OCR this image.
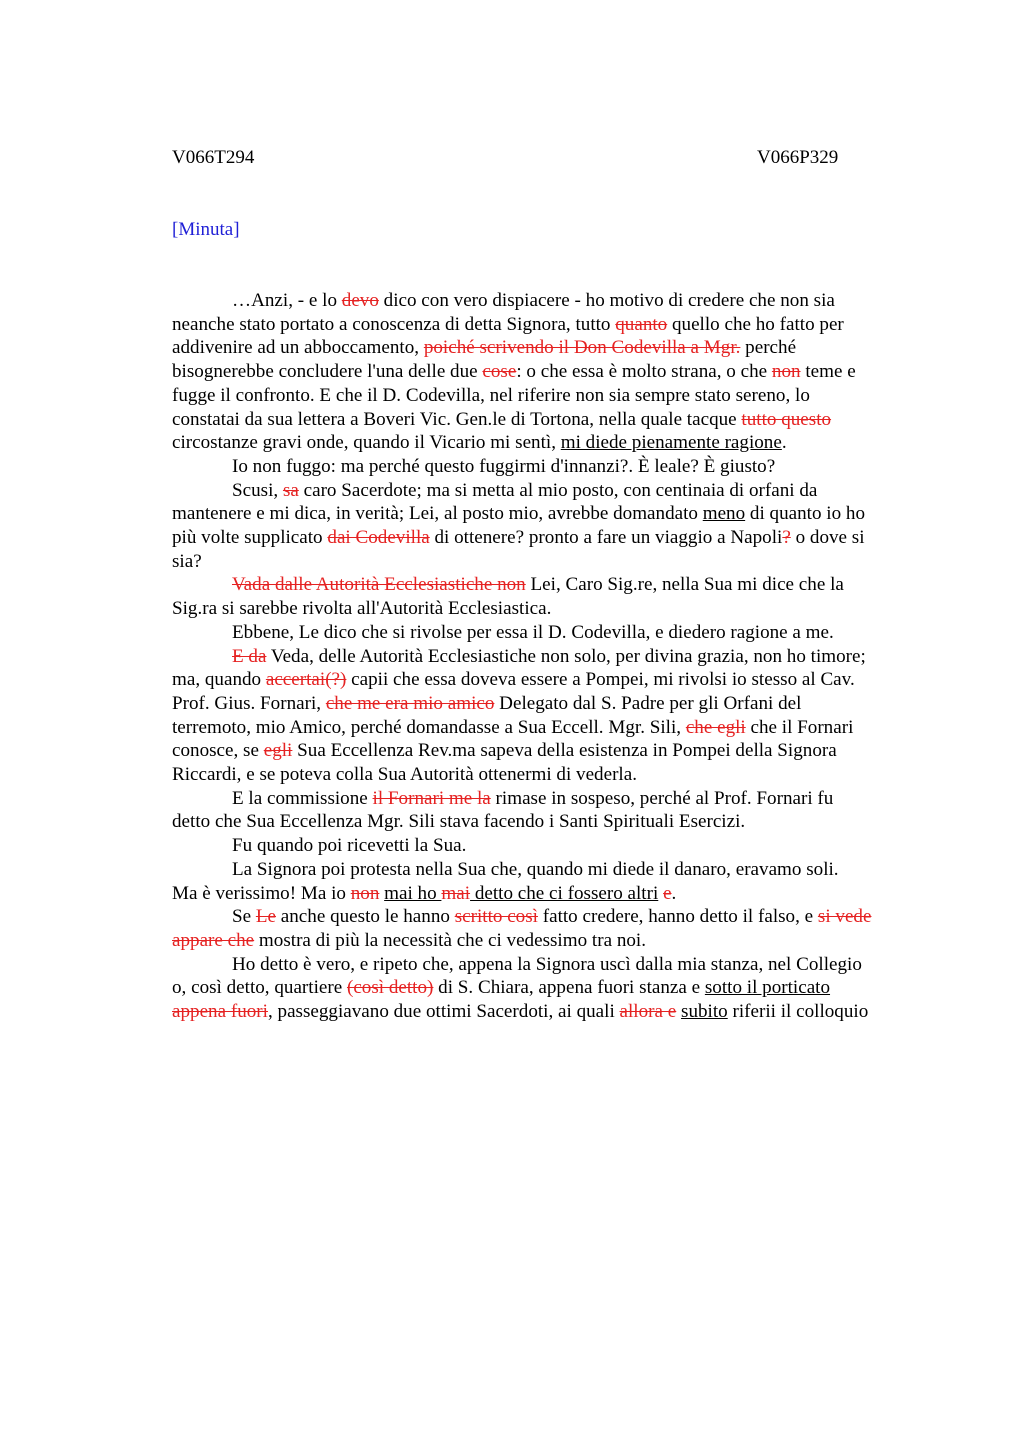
V066T294	V066P329
[Minuta]
…Anzi, - e lo devo dico con vero dispiacere - ho motivo di credere che non sia
neanche stato portato a conoscenza di detta Signora, tutto quanto quello che ho fatto per
addivenire ad un abboccamento, poiché scrivendo il Don Codevilla a Mgr. perché
bisognerebbe concludere l'una delle due cose: o che essa è molto strana, o che non teme e
fugge il confronto. E che il D. Codevilla, nel riferire non sia sempre stato sereno, lo
constatai da sua lettera a Boveri Vic. Gen.le di Tortona, nella quale tacque tutto questo
circostanze gravi onde, quando il Vicario mi sentì, mi diede pienamente ragione.
Io non fuggo: ma perché questo fuggirmi d'innanzi?. È leale? È giusto?
Scusi, sa caro Sacerdote; ma si metta al mio posto, con centinaia di orfani da
mantenere e mi dica, in verità; Lei, al posto mio, avrebbe domandato meno di quanto io ho
più volte supplicato dai Codevilla di ottenere? pronto a fare un viaggio a Napoli? o dove si
sia?
Vada dalle Autorità Ecclesiastiche non Lei, Caro Sig.re, nella Sua mi dice che la
Sig.ra si sarebbe rivolta all'Autorità Ecclesiastica.
Ebbene, Le dico che si rivolse per essa il D. Codevilla, e diedero ragione a me.
E da Veda, delle Autorità Ecclesiastiche non solo, per divina grazia, non ho timore;
ma, quando accertai(?) capii che essa doveva essere a Pompei, mi rivolsi io stesso al Cav.
Prof. Gius. Fornari, che me era mio amico Delegato dal S. Padre per gli Orfani del
terremoto, mio Amico, perché domandasse a Sua Eccell. Mgr. Sili, che egli che il Fornari
conosce, se egli Sua Eccellenza Rev.ma sapeva della esistenza in Pompei della Signora
Riccardi, e se poteva colla Sua Autorità ottenermi di vederla.
E la commissione il Fornari me la rimase in sospeso, perché al Prof. Fornari fu
detto che Sua Eccellenza Mgr. Sili stava facendo i Santi Spirituali Esercizi.
Fu quando poi ricevetti la Sua.
La Signora poi protesta nella Sua che, quando mi diede il danaro, eravamo soli.
Ma è verissimo! Ma io non mai ho mai detto che ci fossero altri e.
Se Le anche questo le hanno scritto così fatto credere, hanno detto il falso, e si vede
appare che mostra di più la necessità che ci vedessimo tra noi.
Ho detto è vero, e ripeto che, appena la Signora uscì dalla mia stanza, nel Collegio
o, così detto, quartiere (così detto) di S. Chiara, appena fuori stanza e sotto il porticato
appena fuori, passeggiavano due ottimi Sacerdoti, ai quali allora e subito riferii il colloquio
